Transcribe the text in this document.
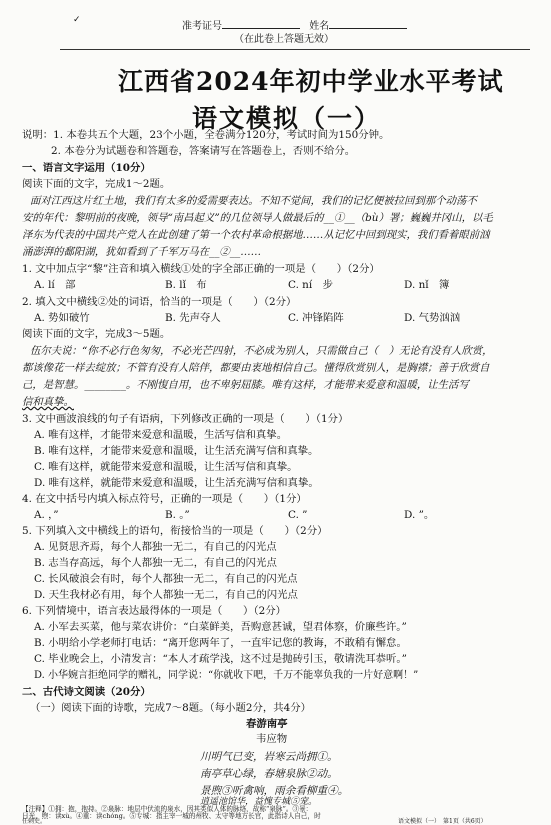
✓
准考证号	姓名
（在此卷上答题无效）
江西省2024年初中学业水平考试
语文模拟（一）
说明：1. 本卷共五个大题，23个小题，全卷满分120分，考试时间为150分钟。
2. 本卷分为试题卷和答题卷，答案请写在答题卷上，否则不给分。
一、语言文字运用（10分）
阅读下面的文字，完成1～2题。
面对江西这片红土地，我们有太多的爱需要表达。不知不觉间，我们的记忆便被拉回到那个动荡不
安的年代：黎明前的夜晚，领导“南昌起义”的几位领导人做最后的__①__（bù）署；巍巍井冈山，以毛
泽东为代表的中国共产党人在此创建了第一个农村革命根据地……从记忆中回到现实，我们看着眼前汹
涌澎湃的鄱阳湖，犹如看到了千军万马在__②__……
1. 文中加点字“黎”注音和填入横线①处的字全部正确的一项是（　　）（2分）
A. lí　部	B. lǐ　布	C. ní　步	D. nǐ　簿
2. 填入文中横线②处的词语，恰当的一项是（　　）（2分）
A. 势如破竹	B. 先声夺人	C. 冲锋陷阵	D. 气势汹汹
阅读下面的文字，完成3～5题。
伍尔夫说：“你不必行色匆匆，不必光芒四射，不必成为别人，只需做自己（　）无论有没有人欣赏，
都该像花一样去绽放；不管有没有人陪伴，都要由衷地相信自己。懂得欣赏别人，是胸襟；善于欣赏自
己，是智慧。________。不刚愎自用，也不卑躬屈膝。唯有这样，才能带来爱意和温暖，让生活写
信和真挚。
3. 文中画波浪线的句子有语病，下列修改正确的一项是（　　）（1分）
A. 唯有这样，才能带来爱意和温暖，生活写信和真挚。
B. 唯有这样，才能带来爱意和温暖，让生活充满写信和真挚。
C. 唯有这样，就能带来爱意和温暖，让生活写信和真挚。
D. 唯有这样，就能带来爱意和温暖，让生活充满写信和真挚。
4. 在文中括号内填入标点符号，正确的一项是（　　）（1分）
A. ，”	B. 。”	C. ”	D. ”。
5. 下列填入文中横线上的语句，衔接恰当的一项是（　　）（2分）
A. 见贤思齐焉，每个人都独一无二，有自己的闪光点
B. 志当存高远，每个人都独一无二，有自己的闪光点
C. 长风破浪会有时，每个人都独一无二，有自己的闪光点
D. 天生我材必有用，每个人都独一无二，有自己的闪光点
6. 下列情境中，语言表达最得体的一项是（　　）（2分）
A. 小军去买菜，他与菜农讲价：“白菜鲜美，吾购意甚诚，望君体察，价廉些许。”
B. 小明给小学老师打电话：“离开您两年了，一直牢记您的教诲，不敢稍有懈怠。
C. 毕业晚会上，小清发言：“本人才疏学浅，这不过是抛砖引玉，敬请洗耳恭听。”
D. 小华婉言拒绝同学的赠礼，同学说：“你就收下吧，千万不能辜负我的一片好意啊！”
二、古代诗文阅读（20分）
（一）阅读下面的诗歌，完成7～8题。（每小题2分，共4分）
春游南亭
韦应物
川明气已变，岩寒云尚拥①。
南亭草心绿，春塘泉脉②动。
景煦③听禽响，雨余看柳重④。
逍遥池馆华，益愧专城⑤宠。
【注释】①拥：抱，抱持。②泉脉：地层中伏流的泉水，因其类似人体的脉络，故称“泉脉”。③景：
日光，煦：读xù。④重：读chóng。⑤专城：指主宰一城的州牧、太守等地方长官，此指诗人自己，时
任刺史。	语文模拟（一）　第1页（共6页）
